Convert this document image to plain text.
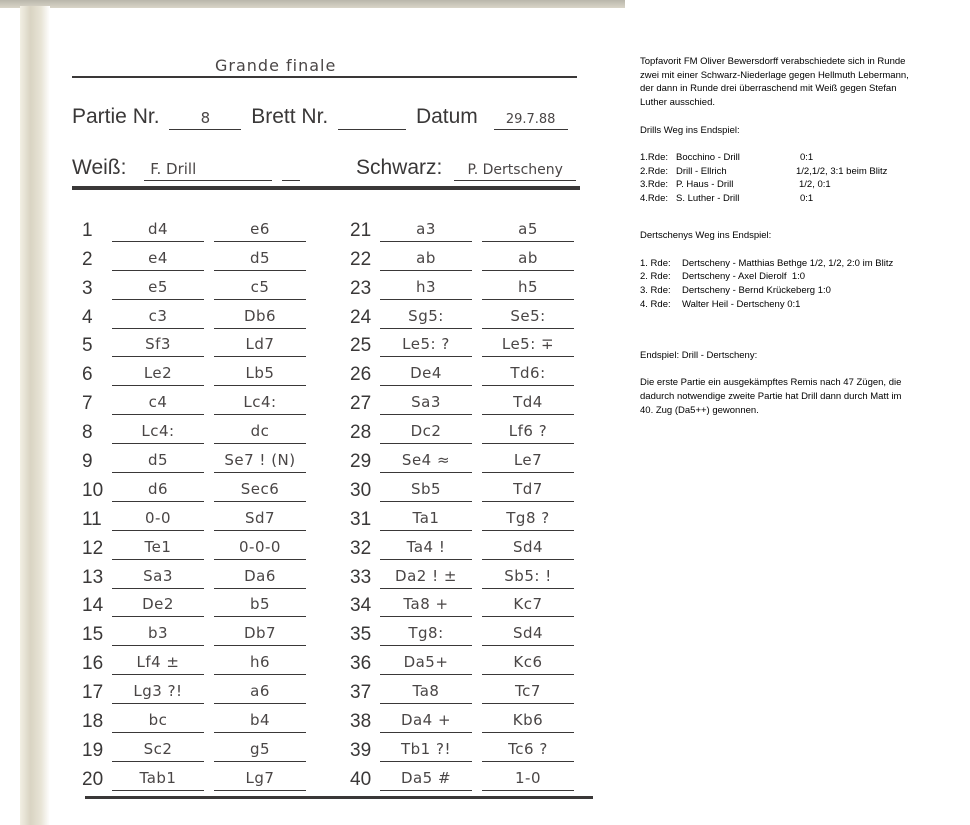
Grande finale
Partie Nr.	8 Brett Nr.	Datum 29.7.88
Weiß: F. Drill	Schwarz: P. Dertscheny
1	d4	e6
2	e4	d5
3	e5	c5
4	c3	Db6
5	Sf3	Ld7
6	Le2	Lb5
7	c4	Lc4:
8	Lc4:	dc
9	d5	Se7 ! (N)
10	d6	Sec6
11	0-0	Sd7
12	Te1	0-0-0
13	Sa3	Da6
14	De2	b5
15	b3	Db7
16	Lf4 ±	h6
17	Lg3 ?!	a6
18	bc	b4
19	Sc2	g5
20	Tab1	Lg7
21	a3	a5
22	ab	ab
23	h3	h5
24	Sg5:	Se5:
25	Le5: ?	Le5: ∓
26	De4	Td6:
27	Sa3	Td4
28	Dc2	Lf6 ?
29	Se4 ≈	Le7
30	Sb5	Td7
31	Ta1	Tg8 ?
32	Ta4 !	Sd4
33	Da2 ! ±	Sb5: !
34	Ta8 +	Kc7
35	Tg8:	Sd4
36	Da5+	Kc6
37	Ta8	Tc7
38	Da4 +	Kb6
39	Tb1 ?!	Tc6 ?
40	Da5 #	1-0

Topfavorit FM Oliver Bewersdorff verabschiedete sich in Runde

zwei mit einer Schwarz-Niederlage gegen Hellmuth Lebermann,

der dann in Runde drei überraschend mit Weiß gegen Stefan

Luther ausschied.

Drills Weg ins Endspiel:

1.Rde: Bocchino - Drill	0:1

2.Rde: Drill - Ellrich	1/2,1/2, 3:1 beim Blitz

3.Rde: P. Haus - Drill	1/2, 0:1

4.Rde: S. Luther - Drill	0:1

Dertschenys Weg ins Endspiel:

1. Rde: Dertscheny - Matthias Bethge 1/2, 1/2, 2:0 im Blitz

2. Rde: Dertscheny - Axel Dierolf  1:0

3. Rde: Dertscheny - Bernd Krückeberg 1:0

4. Rde: Walter Heil - Dertscheny 0:1

Endspiel: Drill - Dertscheny:

Die erste Partie ein ausgekämpftes Remis nach 47 Zügen, die

dadurch notwendige zweite Partie hat Drill dann durch Matt im

40. Zug (Da5++) gewonnen.
